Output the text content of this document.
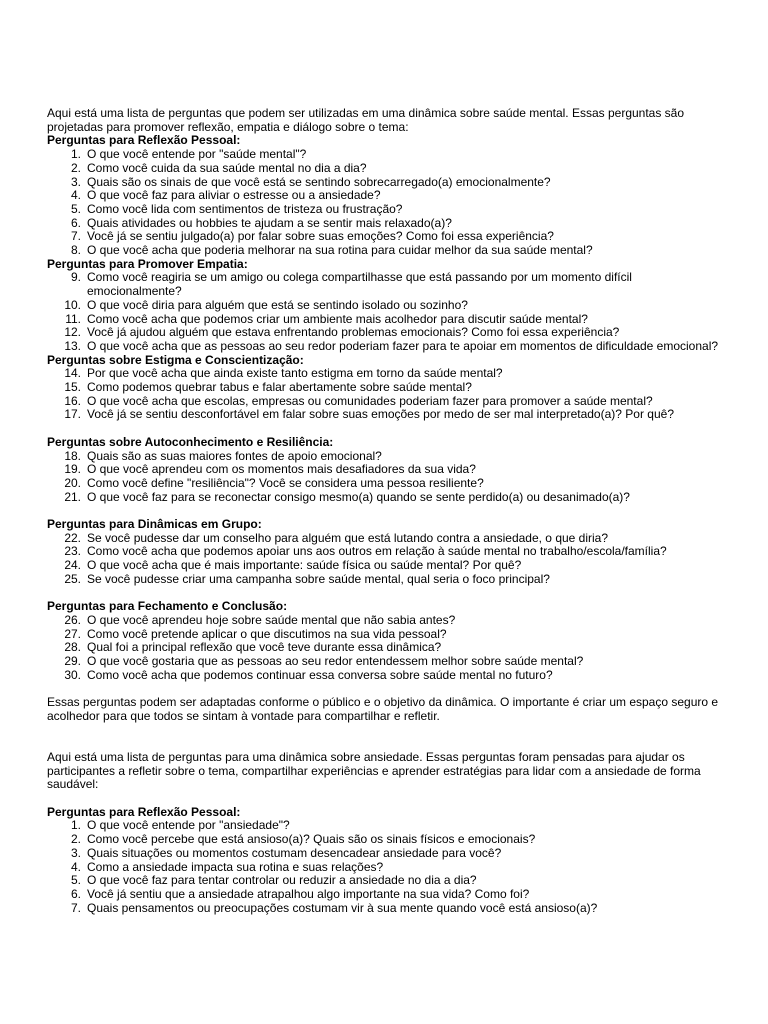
Aqui está uma lista de perguntas que podem ser utilizadas em uma dinâmica sobre saúde mental. Essas perguntas são projetadas para promover reflexão, empatia e diálogo sobre o tema:

Perguntas para Reflexão Pessoal:

1. O que você entende por "saúde mental"?
2. Como você cuida da sua saúde mental no dia a dia?
3. Quais são os sinais de que você está se sentindo sobrecarregado(a) emocionalmente?
4. O que você faz para aliviar o estresse ou a ansiedade?
5. Como você lida com sentimentos de tristeza ou frustração?
6. Quais atividades ou hobbies te ajudam a se sentir mais relaxado(a)?
7. Você já se sentiu julgado(a) por falar sobre suas emoções? Como foi essa experiência?
8. O que você acha que poderia melhorar na sua rotina para cuidar melhor da sua saúde mental?

Perguntas para Promover Empatia:

9. Como você reagiria se um amigo ou colega compartilhasse que está passando por um momento difícil emocionalmente?
10. O que você diria para alguém que está se sentindo isolado ou sozinho?
11. Como você acha que podemos criar um ambiente mais acolhedor para discutir saúde mental?
12. Você já ajudou alguém que estava enfrentando problemas emocionais? Como foi essa experiência?
13. O que você acha que as pessoas ao seu redor poderiam fazer para te apoiar em momentos de dificuldade emocional?

Perguntas sobre Estigma e Conscientização:

14. Por que você acha que ainda existe tanto estigma em torno da saúde mental?
15. Como podemos quebrar tabus e falar abertamente sobre saúde mental?
16. O que você acha que escolas, empresas ou comunidades poderiam fazer para promover a saúde mental?
17. Você já se sentiu desconfortável em falar sobre suas emoções por medo de ser mal interpretado(a)? Por quê?

Perguntas sobre Autoconhecimento e Resiliência:

18. Quais são as suas maiores fontes de apoio emocional?
19. O que você aprendeu com os momentos mais desafiadores da sua vida?
20. Como você define "resiliência"? Você se considera uma pessoa resiliente?
21. O que você faz para se reconectar consigo mesmo(a) quando se sente perdido(a) ou desanimado(a)?

Perguntas para Dinâmicas em Grupo:

22. Se você pudesse dar um conselho para alguém que está lutando contra a ansiedade, o que diria?
23. Como você acha que podemos apoiar uns aos outros em relação à saúde mental no trabalho/escola/família?
24. O que você acha que é mais importante: saúde física ou saúde mental? Por quê?
25. Se você pudesse criar uma campanha sobre saúde mental, qual seria o foco principal?

Perguntas para Fechamento e Conclusão:

26. O que você aprendeu hoje sobre saúde mental que não sabia antes?
27. Como você pretende aplicar o que discutimos na sua vida pessoal?
28. Qual foi a principal reflexão que você teve durante essa dinâmica?
29. O que você gostaria que as pessoas ao seu redor entendessem melhor sobre saúde mental?
30. Como você acha que podemos continuar essa conversa sobre saúde mental no futuro?

Essas perguntas podem ser adaptadas conforme o público e o objetivo da dinâmica. O importante é criar um espaço seguro e acolhedor para que todos se sintam à vontade para compartilhar e refletir.

Aqui está uma lista de perguntas para uma dinâmica sobre ansiedade. Essas perguntas foram pensadas para ajudar os participantes a refletir sobre o tema, compartilhar experiências e aprender estratégias para lidar com a ansiedade de forma saudável:

Perguntas para Reflexão Pessoal:

1. O que você entende por "ansiedade"?
2. Como você percebe que está ansioso(a)? Quais são os sinais físicos e emocionais?
3. Quais situações ou momentos costumam desencadear ansiedade para você?
4. Como a ansiedade impacta sua rotina e suas relações?
5. O que você faz para tentar controlar ou reduzir a ansiedade no dia a dia?
6. Você já sentiu que a ansiedade atrapalhou algo importante na sua vida? Como foi?
7. Quais pensamentos ou preocupações costumam vir à sua mente quando você está ansioso(a)?
